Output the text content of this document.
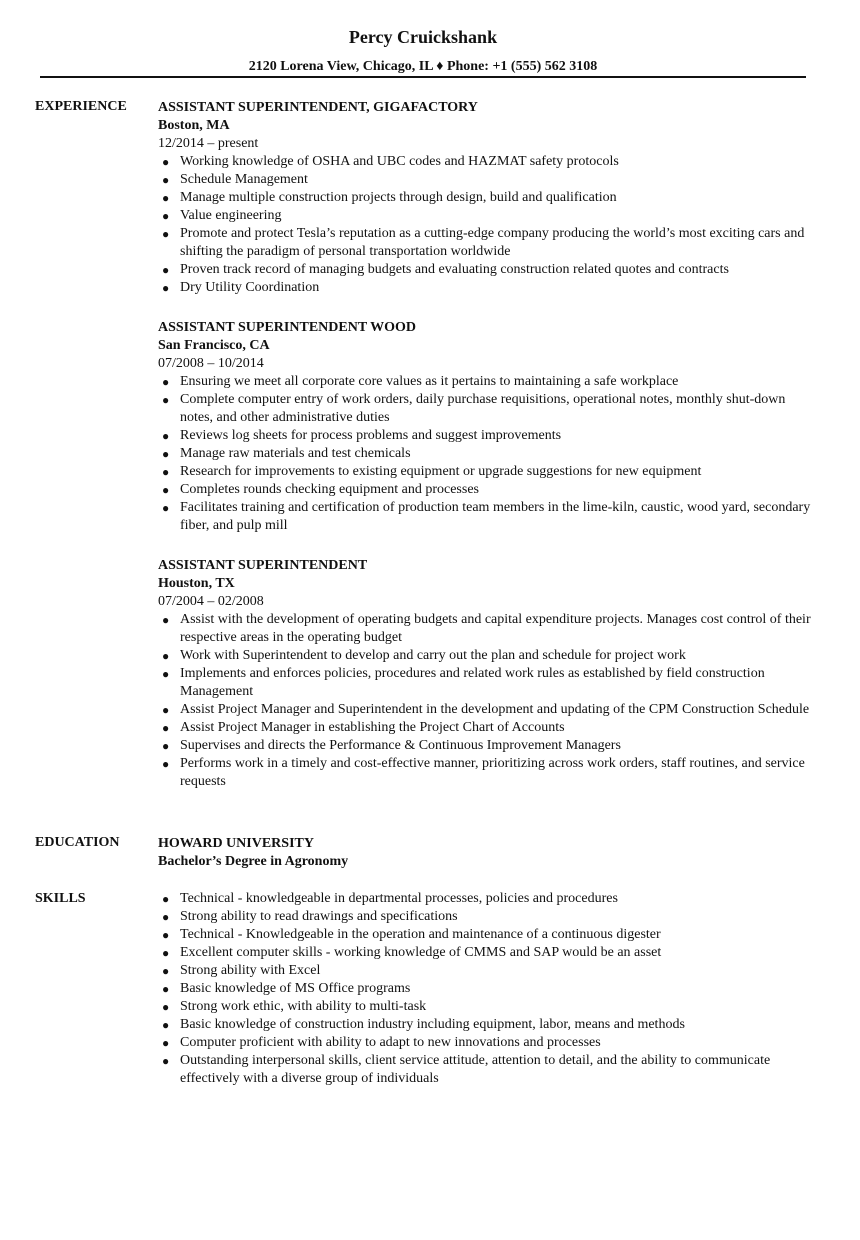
Percy Cruickshank
2120 Lorena View, Chicago, IL ♦ Phone: +1 (555) 562 3108
EXPERIENCE ASSISTANT SUPERINTENDENT, GIGAFACTORY
Boston, MA
12/2014 – present
● Working knowledge of OSHA and UBC codes and HAZMAT safety protocols
● Schedule Management
● Manage multiple construction projects through design, build and qualification
● Value engineering
● Promote and protect Tesla’s reputation as a cutting-edge company producing the world’s most exciting cars and shifting the paradigm of personal transportation worldwide
● Proven track record of managing budgets and evaluating construction related quotes and contracts
● Dry Utility Coordination
ASSISTANT SUPERINTENDENT WOOD
San Francisco, CA
07/2008 – 10/2014
● Ensuring we meet all corporate core values as it pertains to maintaining a safe workplace
● Complete computer entry of work orders, daily purchase requisitions, operational notes, monthly shut-down notes, and other administrative duties
● Reviews log sheets for process problems and suggest improvements
● Manage raw materials and test chemicals
● Research for improvements to existing equipment or upgrade suggestions for new equipment
● Completes rounds checking equipment and processes
● Facilitates training and certification of production team members in the lime-kiln, caustic, wood yard, secondary fiber, and pulp mill
ASSISTANT SUPERINTENDENT
Houston, TX
07/2004 – 02/2008
● Assist with the development of operating budgets and capital expenditure projects. Manages cost control of their respective areas in the operating budget
● Work with Superintendent to develop and carry out the plan and schedule for project work
● Implements and enforces policies, procedures and related work rules as established by field construction Management
● Assist Project Manager and Superintendent in the development and updating of the CPM Construction Schedule
● Assist Project Manager in establishing the Project Chart of Accounts
● Supervises and directs the Performance & Continuous Improvement Managers
● Performs work in a timely and cost-effective manner, prioritizing across work orders, staff routines, and service requests
EDUCATION	HOWARD UNIVERSITY
Bachelor’s Degree in Agronomy
SKILLS	● Technical - knowledgeable in departmental processes, policies and procedures
● Strong ability to read drawings and specifications
● Technical - Knowledgeable in the operation and maintenance of a continuous digester
● Excellent computer skills - working knowledge of CMMS and SAP would be an asset
● Strong ability with Excel
● Basic knowledge of MS Office programs
● Strong work ethic, with ability to multi-task
● Basic knowledge of construction industry including equipment, labor, means and methods
● Computer proficient with ability to adapt to new innovations and processes
● Outstanding interpersonal skills, client service attitude, attention to detail, and the ability to communicate effectively with a diverse group of individuals
